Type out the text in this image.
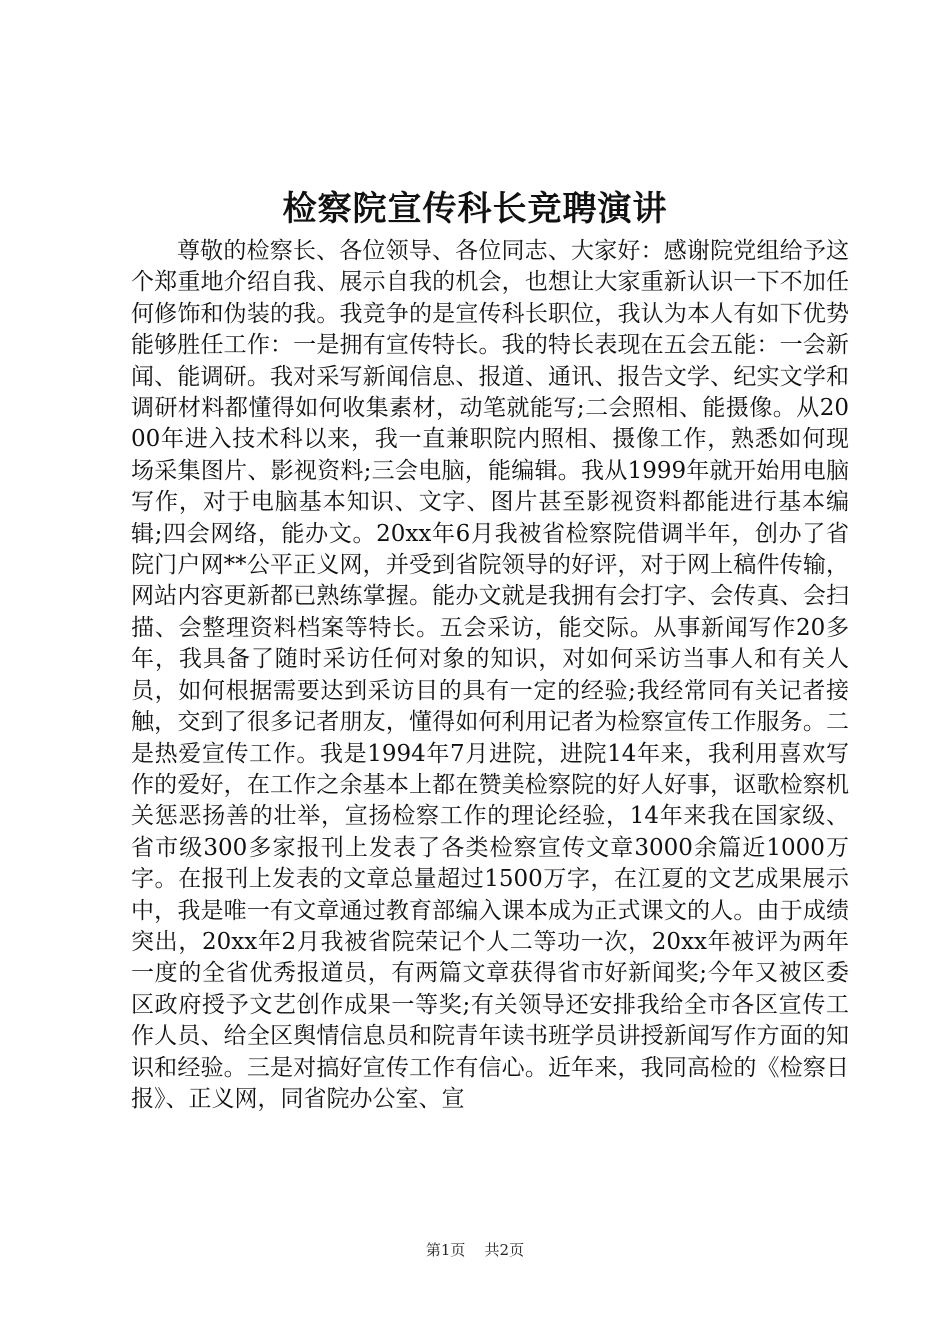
检察院宣传科长竞聘演讲

尊敬的检察长、各位领导、各位同志、大家好：感谢院党组给予这个郑重地介绍自我、展示自我的机会，也想让大家重新认识一下不加任何修饰和伪装的我。我竞争的是宣传科长职位，我认为本人有如下优势能够胜任工作：一是拥有宣传特长。我的特长表现在五会五能：一会新闻、能调研。我对采写新闻信息、报道、通讯、报告文学、纪实文学和调研材料都懂得如何收集素材，动笔就能写;二会照相、能摄像。从2000年进入技术科以来，我一直兼职院内照相、摄像工作，熟悉如何现场采集图片、影视资料;三会电脑，能编辑。我从1999年就开始用电脑写作，对于电脑基本知识、文字、图片甚至影视资料都能进行基本编辑;四会网络，能办文。20xx年6月我被省检察院借调半年，创办了省院门户网**公平正义网，并受到省院领导的好评，对于网上稿件传输，网站内容更新都已熟练掌握。能办文就是我拥有会打字、会传真、会扫描、会整理资料档案等特长。五会采访，能交际。从事新闻写作20多年，我具备了随时采访任何对象的知识，对如何采访当事人和有关人员，如何根据需要达到采访目的具有一定的经验;我经常同有关记者接触，交到了很多记者朋友，懂得如何利用记者为检察宣传工作服务。二是热爱宣传工作。我是1994年7月进院，进院14年来，我利用喜欢写作的爱好，在工作之余基本上都在赞美检察院的好人好事，讴歌检察机关惩恶扬善的壮举，宣扬检察工作的理论经验，14年来我在国家级、省市级300多家报刊上发表了各类检察宣传文章3000余篇近1000万字。在报刊上发表的文章总量超过1500万字，在江夏的文艺成果展示中，我是唯一有文章通过教育部编入课本成为正式课文的人。由于成绩突出，20xx年2月我被省院荣记个人二等功一次，20xx年被评为两年一度的全省优秀报道员，有两篇文章获得省市好新闻奖;今年又被区委区政府授予文艺创作成果一等奖;有关领导还安排我给全市各区宣传工作人员、给全区舆情信息员和院青年读书班学员讲授新闻写作方面的知识和经验。三是对搞好宣传工作有信心。近年来，我同高检的《检察日报》、正义网，同省院办公室、宣

第1页 共2页
